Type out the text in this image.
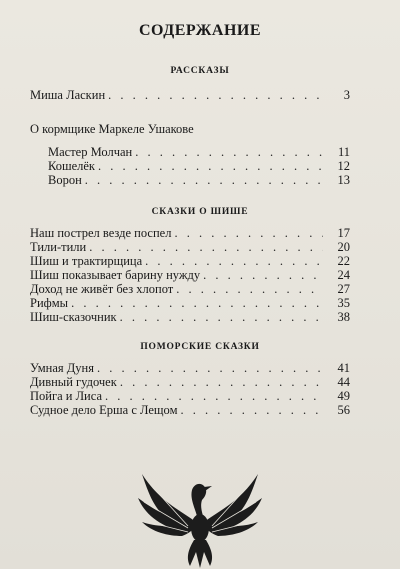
СОДЕРЖАНИЕ
РАССКАЗЫ
Миша Ласкин . . .	3
О кормщике Маркеле Ушакове
Мастер Молчан . . .	11
Кошелёк . . .	12
Ворон . . .	13
СКАЗКИ О ШИШЕ
Наш пострел везде поспел . . .	17
Тили-тили . . .	20
Шиш и трактирщица . . .	22
Шиш показывает барину нужду . . .	24
Доход не живёт без хлопот . . .	27
Рифмы . . .	35
Шиш-сказочник . . .	38
ПОМОРСКИЕ СКАЗКИ
Умная Дуня . . .	41
Дивный гудочек . . .	44
Пойга и Лиса . . .	49
Судное дело Ерша с Лещом . . .	56
